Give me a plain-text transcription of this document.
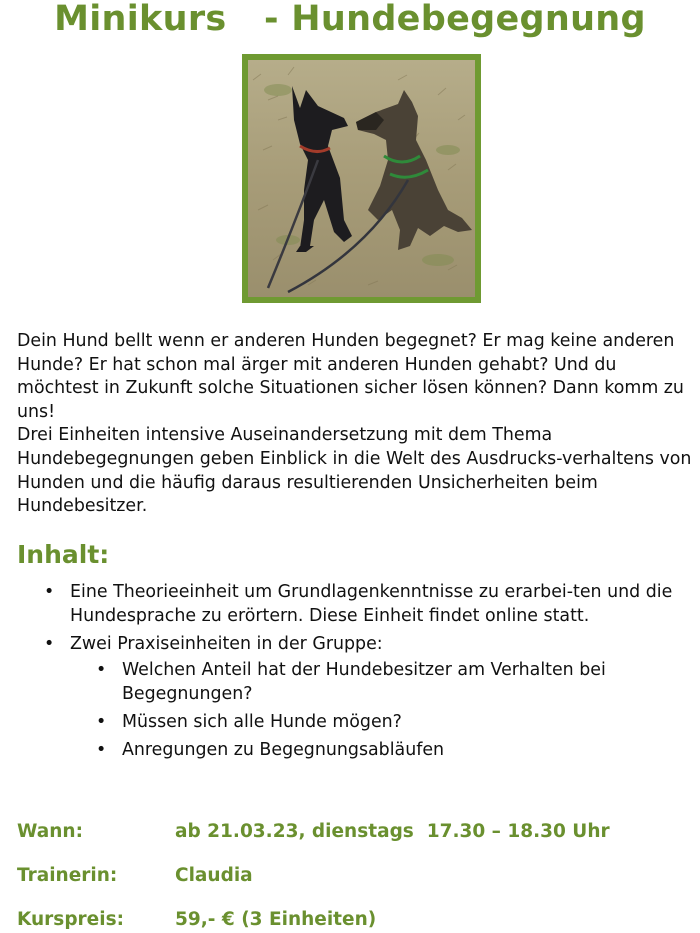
Minikurs   - Hundebegegnung

Dein Hund bellt wenn er anderen Hunden begegnet? Er mag keine anderen Hunde? Er hat schon mal ärger mit anderen Hunden gehabt? Und du möchtest in Zukunft solche Situationen sicher lösen können? Dann komm zu uns!

Drei Einheiten intensive Auseinandersetzung mit dem Thema Hundebegegnungen geben Einblick in die Welt des Ausdrucks-verhaltens von Hunden und die häufig daraus resultierenden Unsicherheiten beim Hundebesitzer.

Inhalt:
• Eine Theorieeinheit um Grundlagenkenntnisse zu erarbei-ten und die Hundesprache zu erörtern. Diese Einheit findet online statt.
• Zwei Praxiseinheiten in der Gruppe:
• Welchen Anteil hat der Hundebesitzer am Verhalten bei Begegnungen?
• Müssen sich alle Hunde mögen?
• Anregungen zu Begegnungsabläufen
Wann:	ab 21.03.23, dienstags  17.30 – 18.30 Uhr
Trainerin:	Claudia
Kurspreis:	59,- € (3 Einheiten)
